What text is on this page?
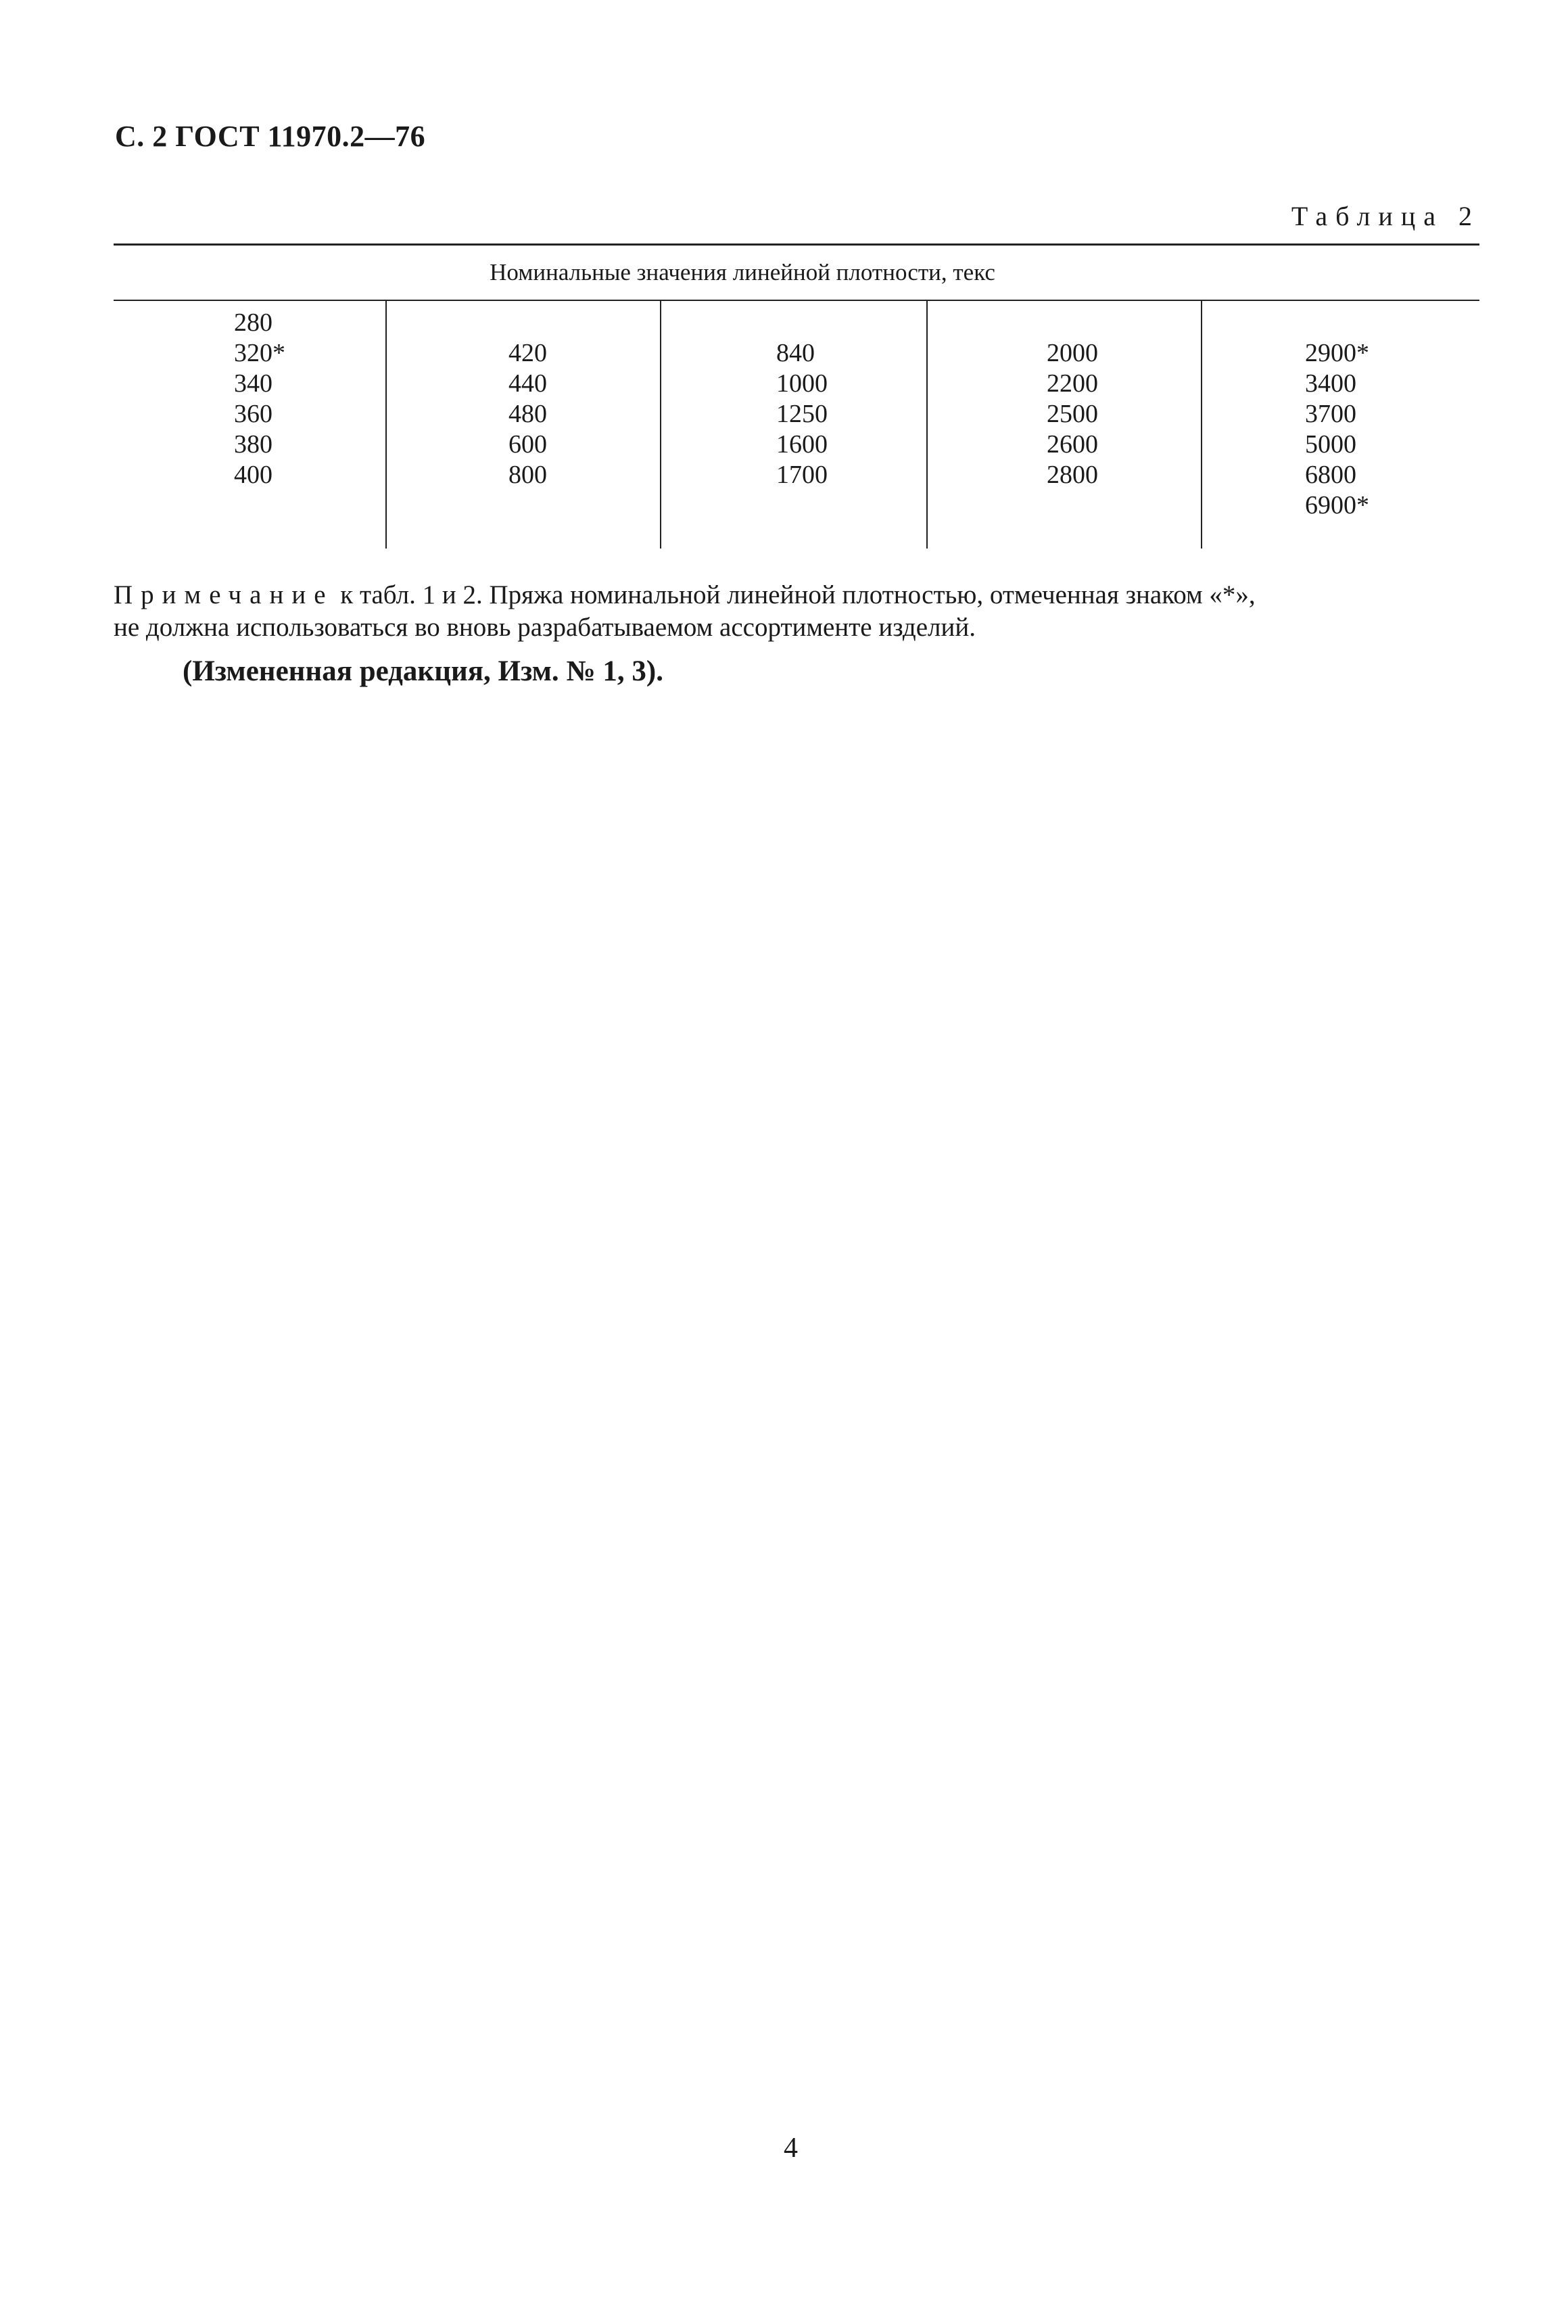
С. 2 ГОСТ 11970.2—76
Таблица 2
Номинальные значения линейной плотности, текс
280
320*
340
360
380
400
420
440
480
600
800
840
1000
1250
1600
1700
2000
2200
2500
2600
2800
2900*
3400
3700
5000
6800
6900*
Примечание к табл. 1 и 2. Пряжа номинальной линейной плотностью, отмеченная знаком «*»,
не должна использоваться во вновь разрабатываемом ассортименте изделий.
(Измененная редакция, Изм. № 1, 3).
4
